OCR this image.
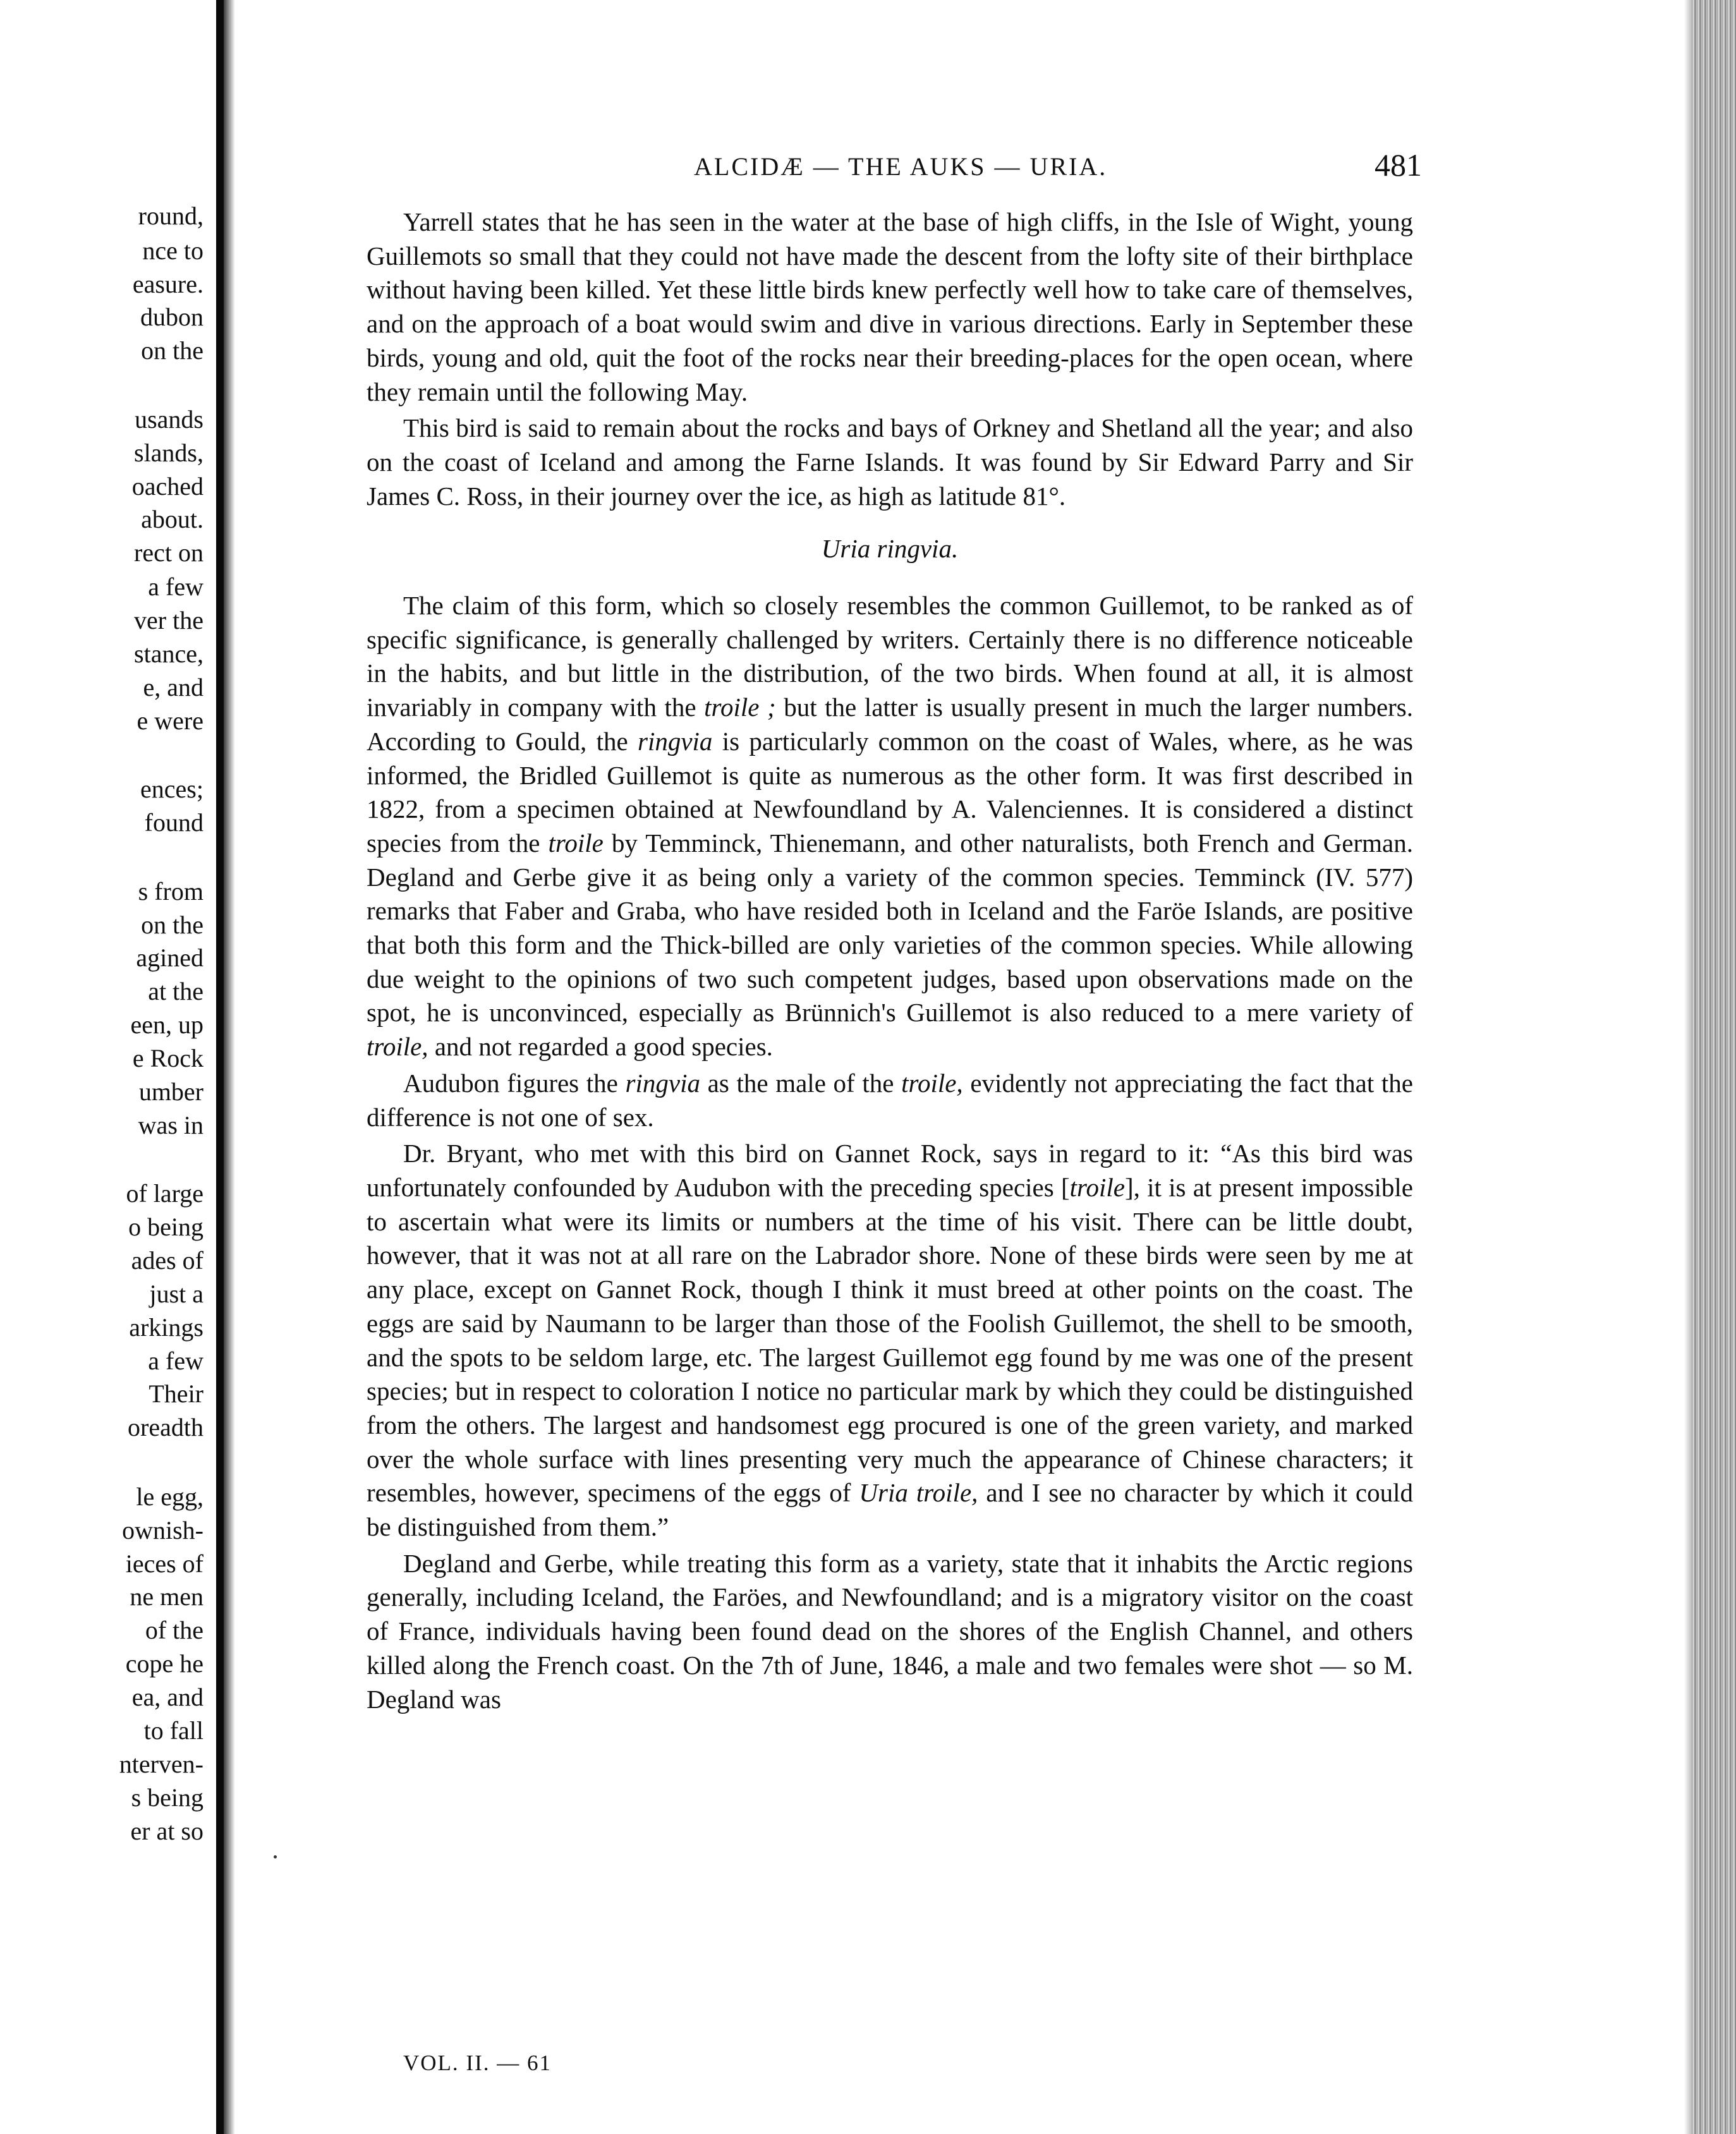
round,
nce to
easure.
dubon
on the
usands
slands,
oached
about.
rect on
a few
ver the
stance,
e, and
e were
ences;
found
s from
on the
agined
at the
een, up
e Rock
umber
was in
of large
o being
ades of
just a
arkings
a few
Their
oreadth
le egg,
ownish-
ieces of
ne men
of the
cope he
ea, and
to fall
nterven-
s being
er at so
ALCIDÆ — THE AUKS — URIA.	481

Yarrell states that he has seen in the water at the base of high cliffs, in the Isle of Wight, young Guillemots so small that they could not have made the descent from the lofty site of their birthplace without having been killed. Yet these little birds knew perfectly well how to take care of themselves, and on the approach of a boat would swim and dive in various directions. Early in September these birds, young and old, quit the foot of the rocks near their breeding-places for the open ocean, where they remain until the following May.

This bird is said to remain about the rocks and bays of Orkney and Shetland all the year; and also on the coast of Iceland and among the Farne Islands. It was found by Sir Edward Parry and Sir James C. Ross, in their journey over the ice, as high as latitude 81°.

Uria ringvia.

The claim of this form, which so closely resembles the common Guillemot, to be ranked as of specific significance, is generally challenged by writers. Certainly there is no difference noticeable in the habits, and but little in the distribution, of the two birds. When found at all, it is almost invariably in company with the troile ; but the latter is usually present in much the larger numbers. According to Gould, the ringvia is particularly common on the coast of Wales, where, as he was informed, the Bridled Guillemot is quite as numerous as the other form. It was first described in 1822, from a specimen obtained at Newfoundland by A. Valenciennes. It is considered a distinct species from the troile by Temminck, Thienemann, and other naturalists, both French and German. Degland and Gerbe give it as being only a variety of the common species. Temminck (IV. 577) remarks that Faber and Graba, who have resided both in Iceland and the Faröe Islands, are positive that both this form and the Thick-billed are only varieties of the common species. While allowing due weight to the opinions of two such competent judges, based upon observations made on the spot, he is unconvinced, especially as Brünnich's Guillemot is also reduced to a mere variety of troile, and not regarded a good species.

Audubon figures the ringvia as the male of the troile, evidently not appreciating the fact that the difference is not one of sex.

Dr. Bryant, who met with this bird on Gannet Rock, says in regard to it: “As this bird was unfortunately confounded by Audubon with the preceding species [troile], it is at present impossible to ascertain what were its limits or numbers at the time of his visit. There can be little doubt, however, that it was not at all rare on the Labrador shore. None of these birds were seen by me at any place, except on Gannet Rock, though I think it must breed at other points on the coast. The eggs are said by Naumann to be larger than those of the Foolish Guillemot, the shell to be smooth, and the spots to be seldom large, etc. The largest Guillemot egg found by me was one of the present species; but in respect to coloration I notice no particular mark by which they could be distinguished from the others. The largest and handsomest egg procured is one of the green variety, and marked over the whole surface with lines presenting very much the appearance of Chinese characters; it resembles, however, specimens of the eggs of Uria troile, and I see no character by which it could be distinguished from them.”

Degland and Gerbe, while treating this form as a variety, state that it inhabits the Arctic regions generally, including Iceland, the Faröes, and Newfoundland; and is a migratory visitor on the coast of France, individuals having been found dead on the shores of the English Channel, and others killed along the French coast. On the 7th of June, 1846, a male and two females were shot — so M. Degland was

VOL. II. — 61
